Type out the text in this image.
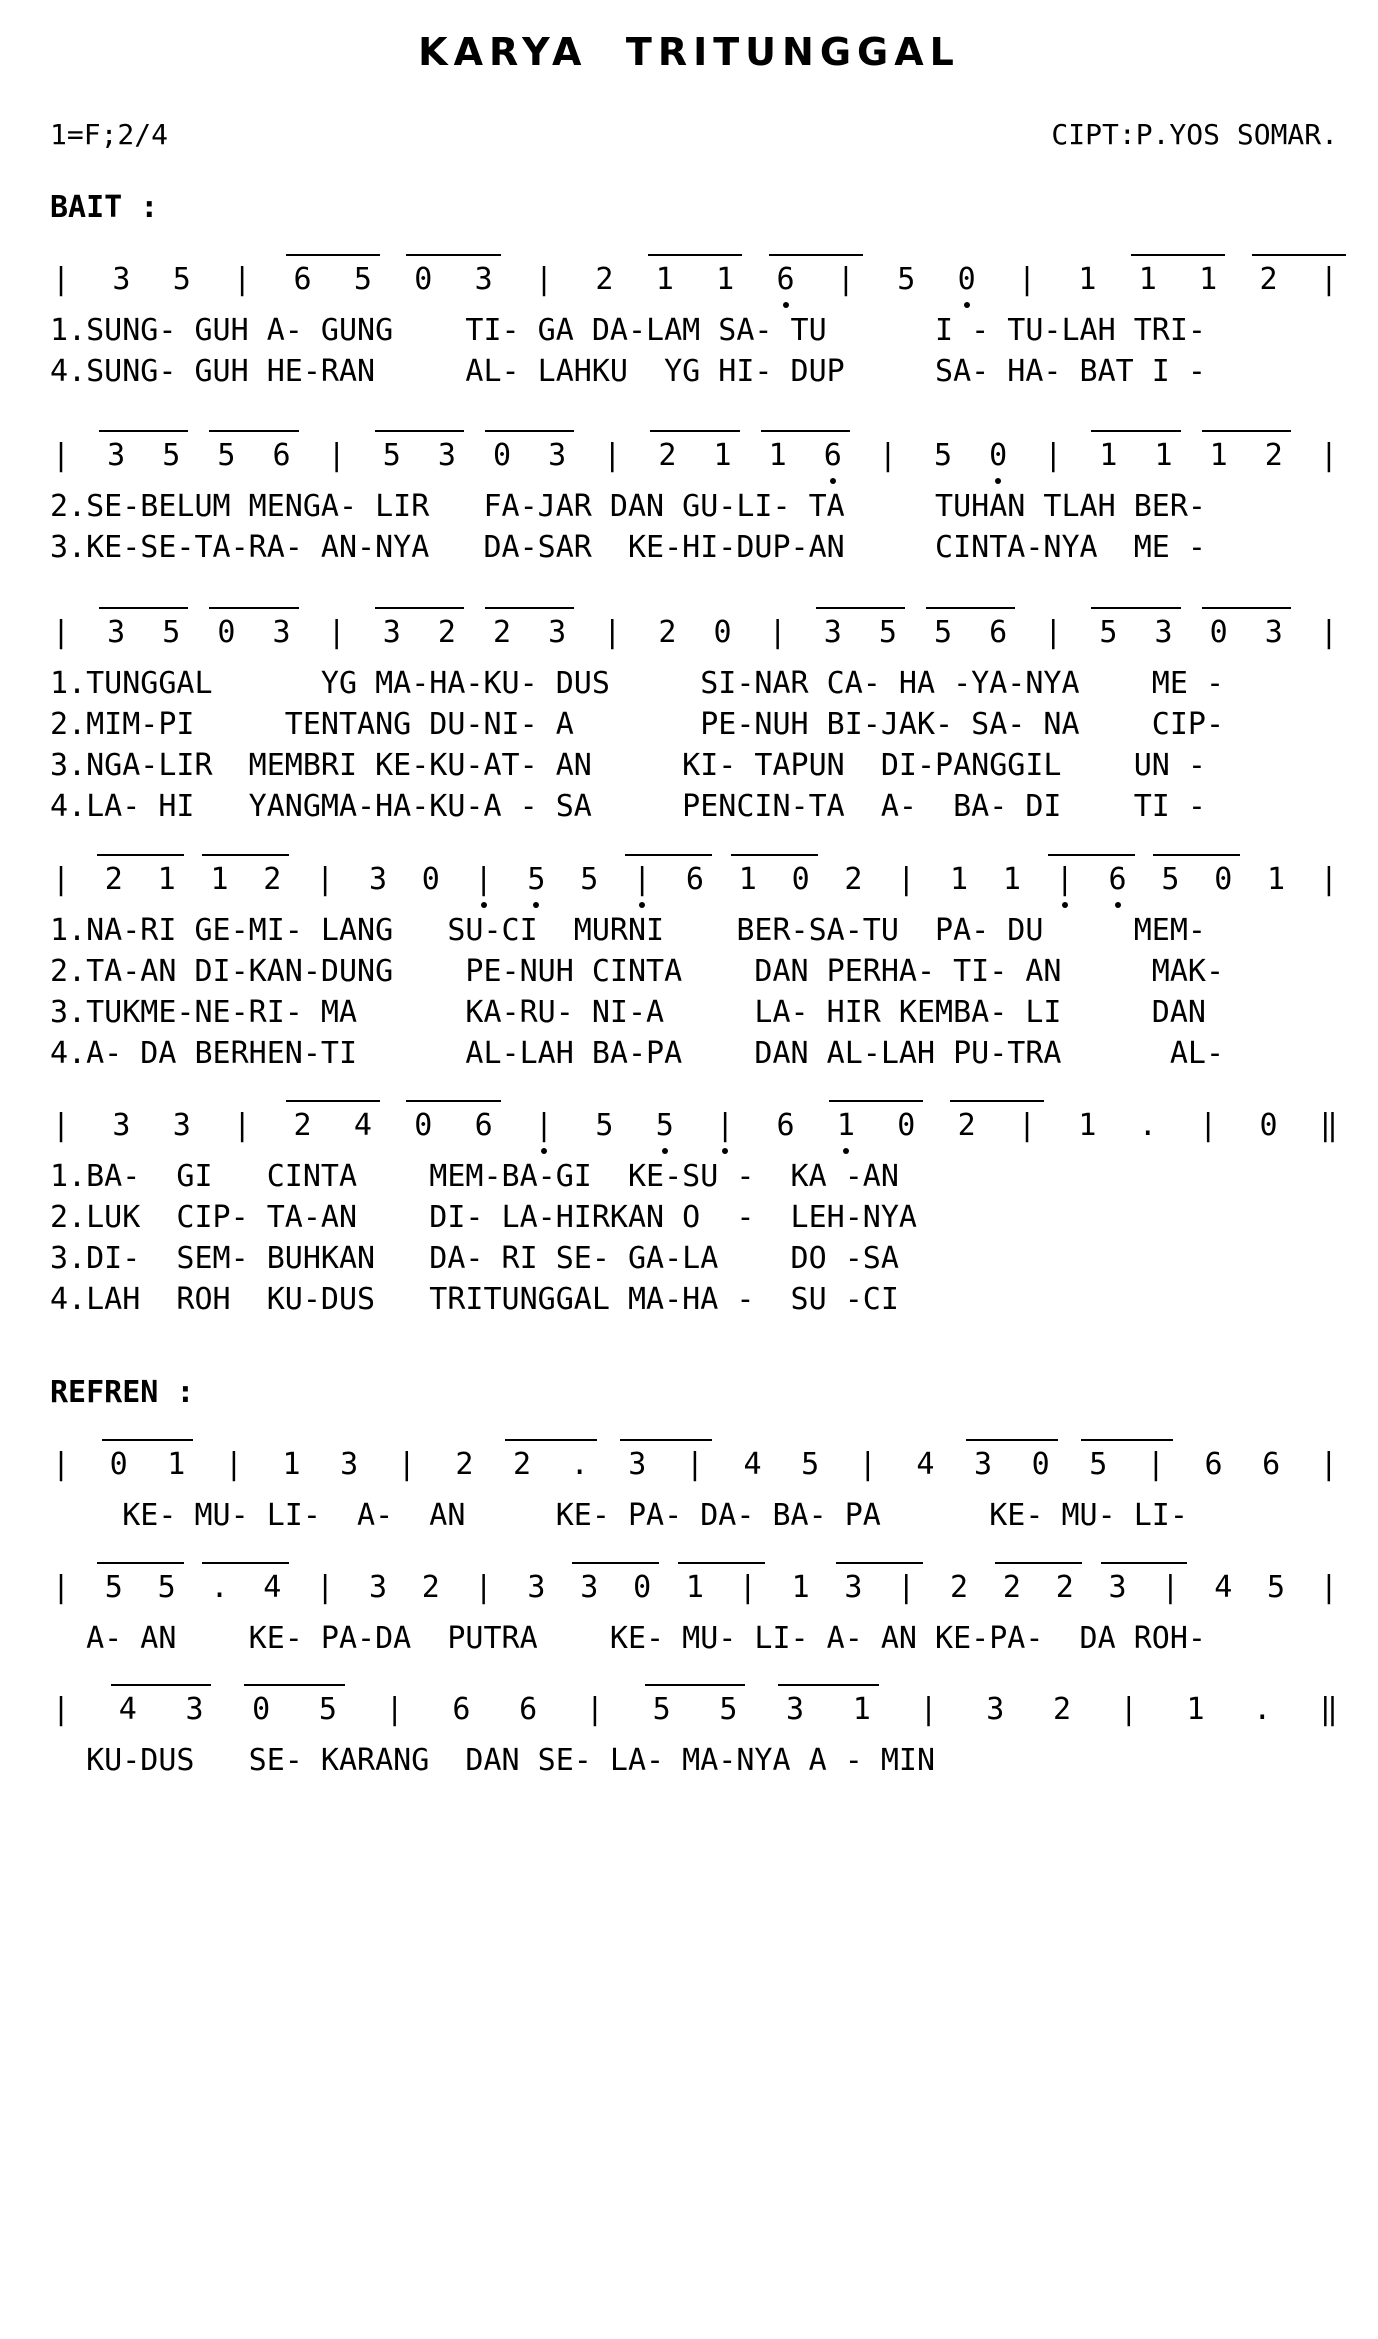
KARYA  TRITUNGGAL
1=F;2/4	CIPT:P.YOS SOMAR.
BAIT :
| 3 5 | 6 5 0 3 | 2 1 1 6 | 5 0 | 1 1 1 2 |
1.SUNG- GUH A- GUNG    TI- GA DA-LAM SA- TU      I - TU-LAH TRI-
4.SUNG- GUH HE-RAN     AL- LAHKU  YG HI- DUP     SA- HA- BAT I -
| 3 5 5 6 | 5 3 0 3 | 2 1 1 6 | 5 0 | 1 1 1 2 |
2.SE-BELUM MENGA- LIR   FA-JAR DAN GU-LI- TA     TUHAN TLAH BER-
3.KE-SE-TA-RA- AN-NYA   DA-SAR  KE-HI-DUP-AN     CINTA-NYA  ME -
| 3 5 0 3 | 3 2 2 3 | 2 0 | 3 5 5 6 | 5 3 0 3 |
1.TUNGGAL      YG MA-HA-KU- DUS     SI-NAR CA- HA -YA-NYA    ME -
2.MIM-PI     TENTANG DU-NI- A       PE-NUH BI-JAK- SA- NA    CIP-
3.NGA-LIR  MEMBRI KE-KU-AT- AN     KI- TAPUN  DI-PANGGIL    UN -
4.LA- HI   YANGMA-HA-KU-A - SA     PENCIN-TA  A-  BA- DI    TI -
| 2 1 1 2 | 3 0 | 5 5 | 6 1 0 2 | 1 1 | 6 5 0 1 |
1.NA-RI GE-MI- LANG   SU-CI  MURNI    BER-SA-TU  PA- DU     MEM-
2.TA-AN DI-KAN-DUNG    PE-NUH CINTA    DAN PERHA- TI- AN     MAK-
3.TUKME-NE-RI- MA      KA-RU- NI-A     LA- HIR KEMBA- LI     DAN
4.A- DA BERHEN-TI      AL-LAH BA-PA    DAN AL-LAH PU-TRA      AL-
| 3 3 | 2 4 0 6 | 5 5 | 6 1 0 2 | 1 . | 0 ‖
1.BA-  GI   CINTA    MEM-BA-GI  KE-SU -  KA -AN
2.LUK  CIP- TA-AN    DI- LA-HIRKAN O  -  LEH-NYA
3.DI-  SEM- BUHKAN   DA- RI SE- GA-LA    DO -SA
4.LAH  ROH  KU-DUS   TRITUNGGAL MA-HA -  SU -CI
REFREN :
| 0 1 | 1 3 | 2 2 . 3 | 4 5 | 4 3 0 5 | 6 6 |
KE- MU- LI-  A-  AN     KE- PA- DA- BA- PA      KE- MU- LI-
| 5 5 . 4 | 3 2 | 3 3 0 1 | 1 3 | 2 2 2 3 | 4 5 |
A- AN    KE- PA-DA  PUTRA    KE- MU- LI- A- AN KE-PA-  DA ROH-
| 4 3 0 5 | 6 6 | 5 5 3 1 | 3 2 | 1 . ‖
KU-DUS   SE- KARANG  DAN SE- LA- MA-NYA A - MIN
